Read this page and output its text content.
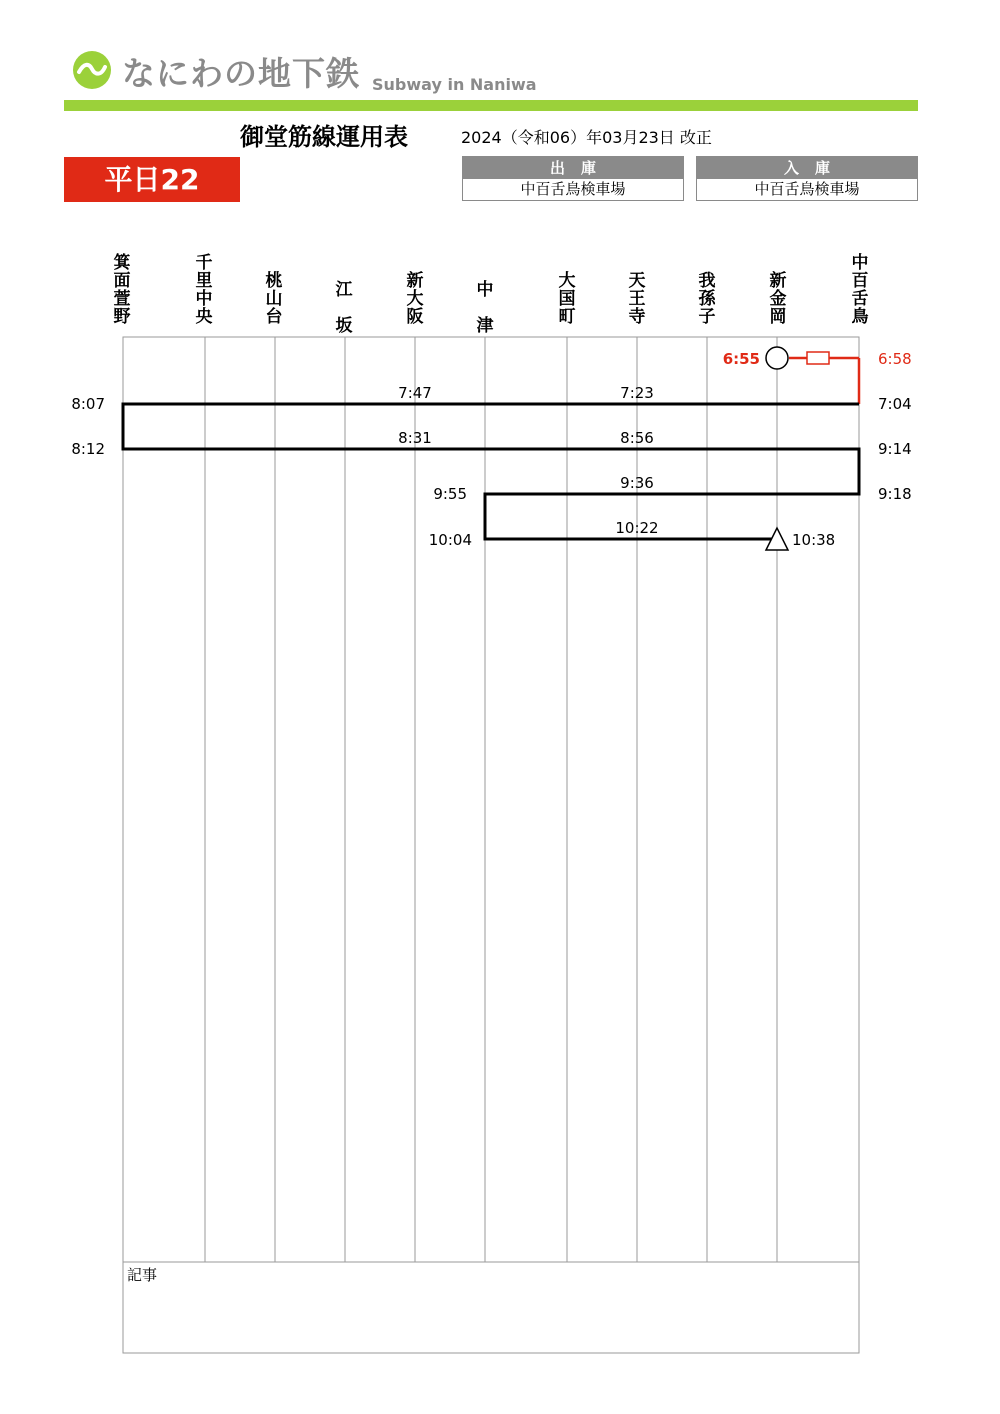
なにわの地下鉄 Subway in Naniwa
御堂筋線運用表	2024（令和06）年03月23日 改正
平日22	出庫
中百舌鳥検車場
入庫
中百舌鳥検車場
箕面萱野
千里中央
桃山台
江坂
新大阪
中津
大国町
天王寺
我孫子
新金岡
中百舌鳥
6:55	6:58
7:04
7:23
7:47
8:07
8:12
8:31	8:56
9:14
9:18
9:36
9:55
10:04
10:22
10:38
記事
